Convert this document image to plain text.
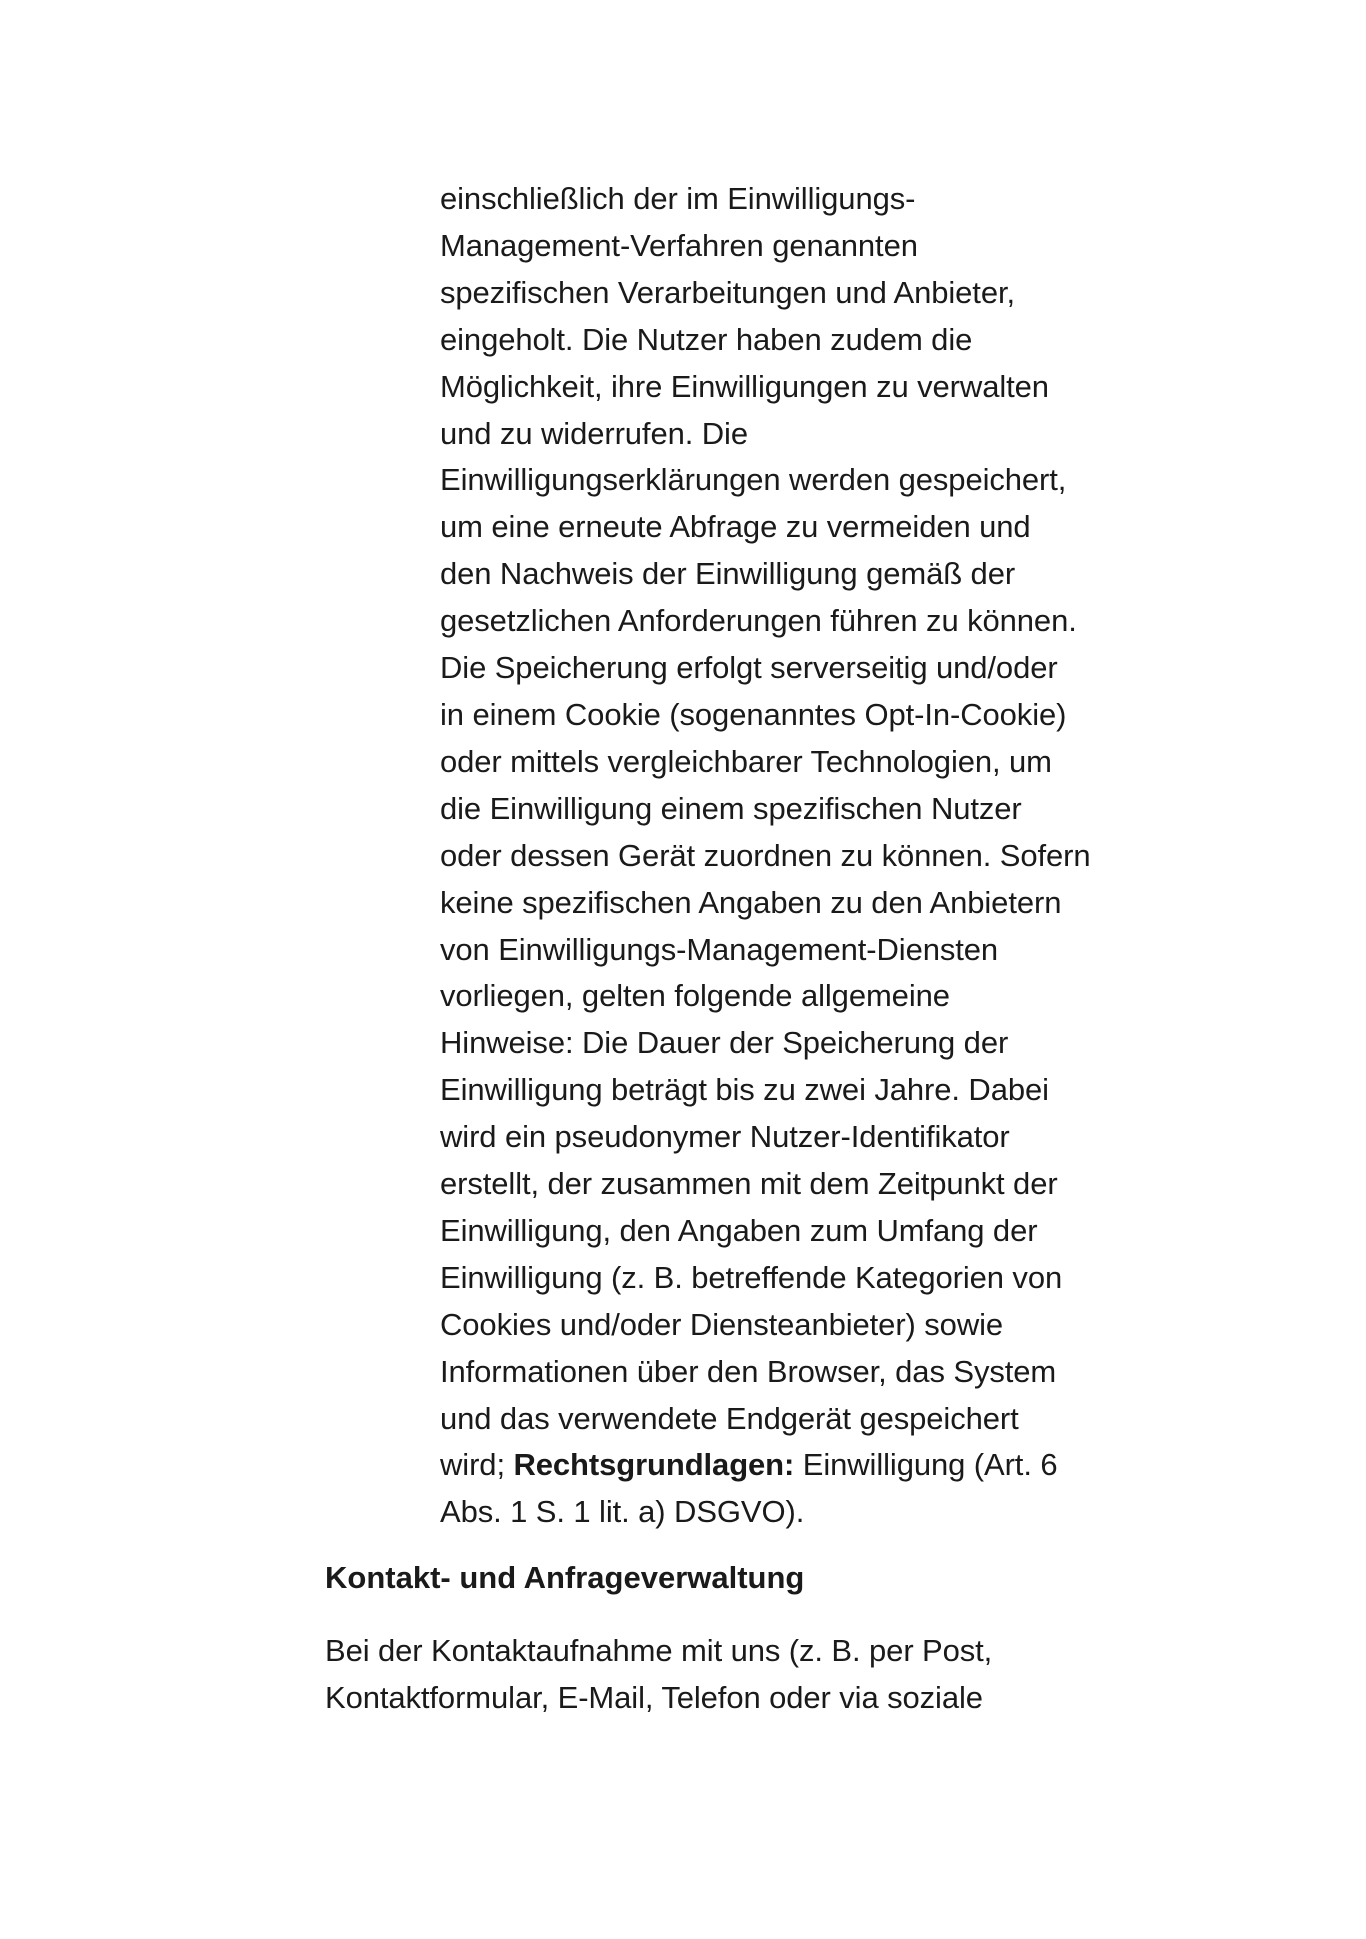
einschließlich der im Einwilligungs-
Management-Verfahren genannten
spezifischen Verarbeitungen und Anbieter,
eingeholt. Die Nutzer haben zudem die
Möglichkeit, ihre Einwilligungen zu verwalten
und zu widerrufen. Die
Einwilligungserklärungen werden gespeichert,
um eine erneute Abfrage zu vermeiden und
den Nachweis der Einwilligung gemäß der
gesetzlichen Anforderungen führen zu können.
Die Speicherung erfolgt serverseitig und/oder
in einem Cookie (sogenanntes Opt-In-Cookie)
oder mittels vergleichbarer Technologien, um
die Einwilligung einem spezifischen Nutzer
oder dessen Gerät zuordnen zu können. Sofern
keine spezifischen Angaben zu den Anbietern
von Einwilligungs-Management-Diensten
vorliegen, gelten folgende allgemeine
Hinweise: Die Dauer der Speicherung der
Einwilligung beträgt bis zu zwei Jahre. Dabei
wird ein pseudonymer Nutzer-Identifikator
erstellt, der zusammen mit dem Zeitpunkt der
Einwilligung, den Angaben zum Umfang der
Einwilligung (z. B. betreffende Kategorien von
Cookies und/oder Diensteanbieter) sowie
Informationen über den Browser, das System
und das verwendete Endgerät gespeichert
wird; Rechtsgrundlagen: Einwilligung (Art. 6
Abs. 1 S. 1 lit. a) DSGVO).
Kontakt- und Anfrageverwaltung
Bei der Kontaktaufnahme mit uns (z. B. per Post,
Kontaktformular, E-Mail, Telefon oder via soziale
